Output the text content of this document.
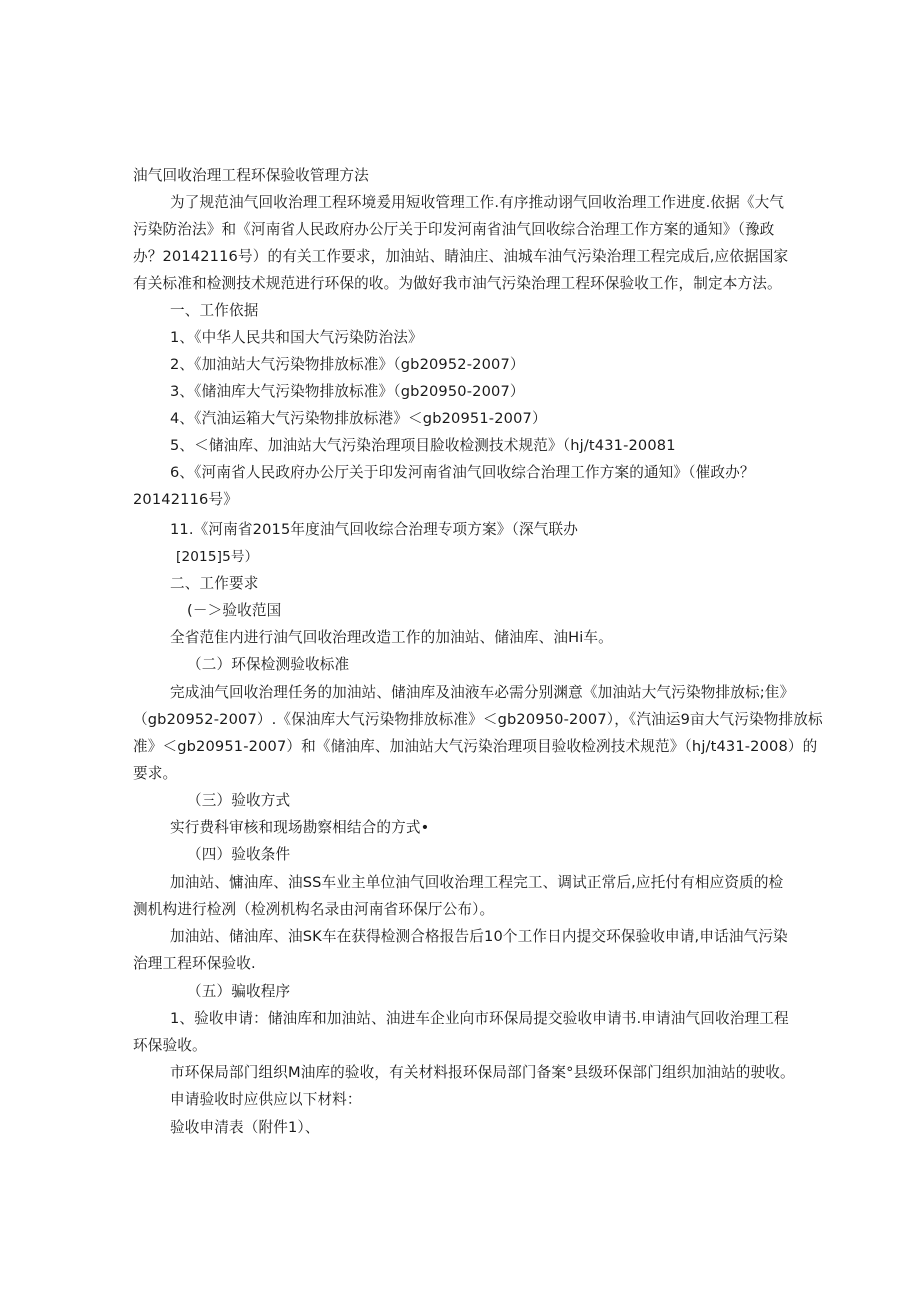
油气回收治理工程环保验收管理方法

为了规范油气回收治理工程环境爰用短收管理工作.有序推动诩气回收治理工作进度.依据《大气

污染防治法》和《河南省人民政府办公厅关于印发河南省油气回收综合治理工作方案的通知》（豫政

办？20142116号）的有关工作要求，加油站、睛油庄、油城车油气污染治理工程完成后,应依据国家

有关标准和检测技术规范进行环保的收。为做好我市油气污染治理工程环保验收工作，制定本方法。

一、工作依据

1、《中华人民共和国大气污染防治法》

2、《加油站大气污染物排放标准》（gb20952-2007）

3、《储油库大气污染物排放标准》（gb20950-2007）

4、《汽油运箱大气污染物排放标港》＜gb20951-2007）

5、＜储油库、加油站大气污染治理项目脸收检测技术规范》（hj∕t431-20081

6、《河南省人民政府办公厅关于印发河南省油气回收综合治理工作方案的通知》（催政办？

20142116号》

11.《河南省2015年度油气回收综合治理专项方案》（深气联办

[2015]5号）

二、工作要求

(－＞验收范国

全省范隹内进行油气回收治理改造工作的加油站、储油库、油Hi车。

（二）环保检测验收标准

完成油气回收治理任务的加油站、储油库及油液车必需分别渊意《加油站大气污染物排放标;隹》

（gb20952-2007）.《保油库大气污染物排放标准》＜gb20950-2007），《汽油运9亩大气污染物排放标

准》＜gb20951-2007）和《储油库、加油站大气污染治理项目验收检冽技术规范》（hj∕t431-2008）的

要求。

（三）验收方式

实行费科审核和现场勘察相结合的方式•

（四）验收条件

加油站、慵油库、油SS车业主单位油气回收治理工程完工、调试正常后,应托付有相应资质的检

测机构进行检冽（检冽机构名录由河南省环保厅公布）。

加油站、储油库、油SK车在获得检测合格报告后10个工作日内提交环保验收申请,申话油气污染

治理工程环保验收.

（五）骗收程序

1、验收申请：储油库和加油站、油进车企业向市环保局提交验收申请书.申请油气回收治理工程

环保验收。

市环保局部门组织M油库的验收，有关材料报环保局部门备案°县级环保部门组织加油站的驶收。

申请验收时应供应以下材料：

验收申清表（附件1）、
